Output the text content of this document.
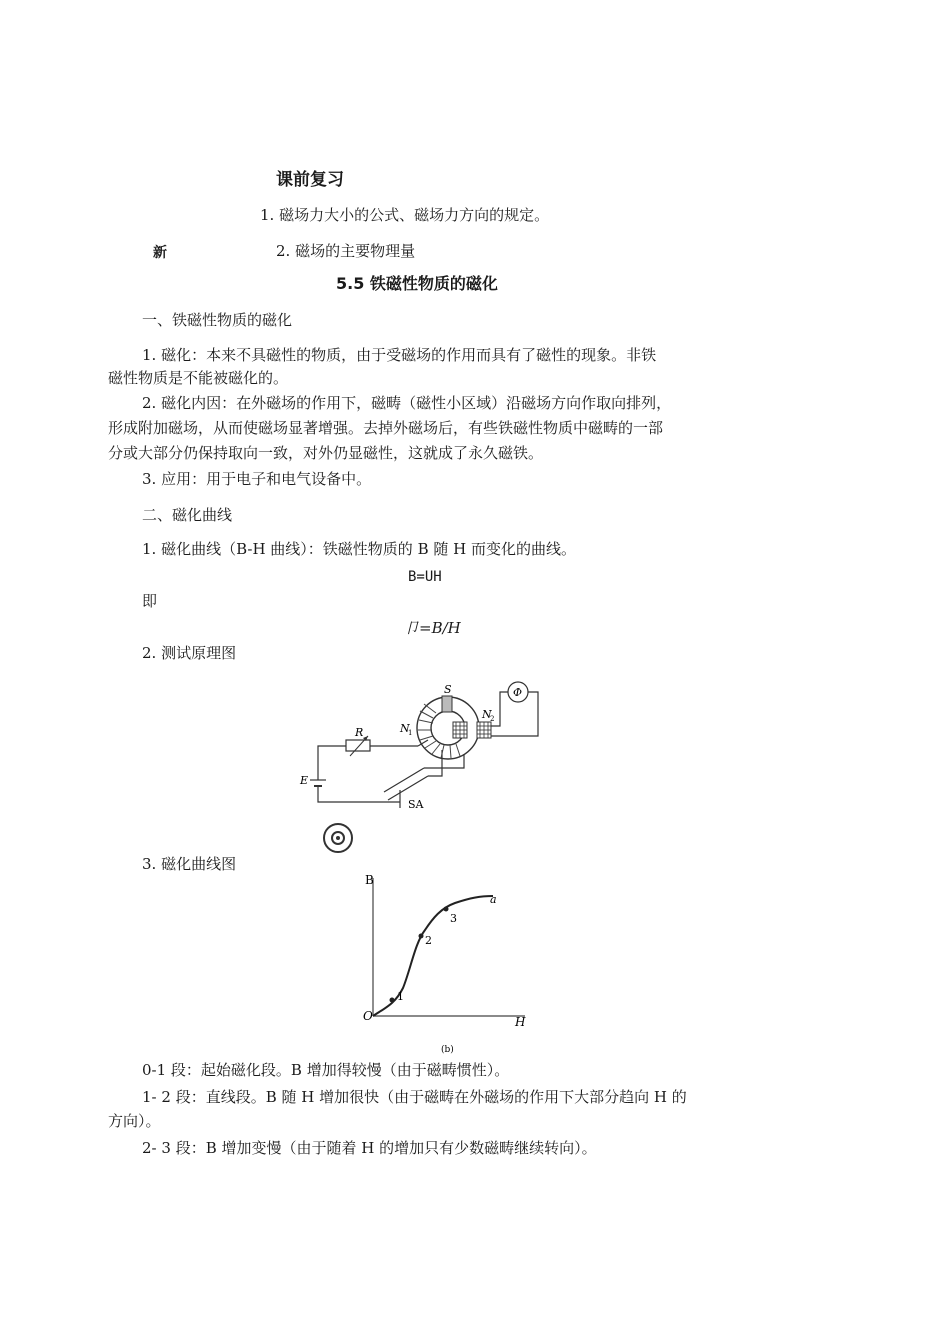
课前复习
1. 磁场力大小的公式、磁场力方向的规定。
新	2. 磁场的主要物理量
5.5 铁磁性物质的磁化
一、铁磁性物质的磁化
1. 磁化：本来不具磁性的物质，由于受磁场的作用而具有了磁性的现象。非铁
磁性物质是不能被磁化的。
2. 磁化内因：在外磁场的作用下，磁畴（磁性小区域）沿磁场方向作取向排列，
形成附加磁场，从而使磁场显著增强。去掉外磁场后，有些铁磁性物质中磁畴的一部
分或大部分仍保持取向一致，对外仍显磁性，这就成了永久磁铁。
3. 应用：用于电子和电气设备中。
二、磁化曲线
1. 磁化曲线（B-H 曲线）：铁磁性物质的 B 随 H 而变化的曲线。
B=UH
即
卩=B/H
2. 测试原理图
S
N
1
N
2
R
E
SA
Φ
3. 磁化曲线图
B
H
O
a
1
2
3
(b)
0-1 段：起始磁化段。B 增加得较慢（由于磁畴惯性）。
1- 2 段：直线段。B 随 H 增加很快（由于磁畴在外磁场的作用下大部分趋向 H 的
方向）。
2- 3 段：B 增加变慢（由于随着 H 的增加只有少数磁畴继续转向）。
